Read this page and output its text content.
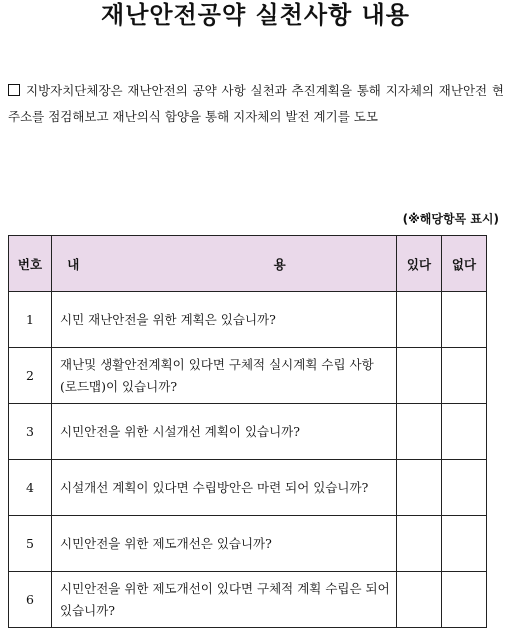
재난안전공약 실천사항 내용
지방자치단체장은 재난안전의 공약 사항 실천과 추진계획을 통해 지자체의 재난안전 현주소를 점검해보고 재난의식 함양을 통해 지자체의 발전 계기를 도모
(※해당항목 표시)
번호	내 용	있다	없다
1	시민 재난안전을 위한 계획은 있습니까?		
2	재난및 생활안전계획이 있다면 구체적 실시계획 수립 사항(로드맵)이 있습니까?		
3	시민안전을 위한 시설개선 계획이 있습니까?		
4	시설개선 계획이 있다면 수립방안은 마련 되어 있습니까?		
5	시민안전을 위한 제도개선은 있습니까?		
6	시민안전을 위한 제도개선이 있다면 구체적 계획 수립은 되어 있습니까?		
